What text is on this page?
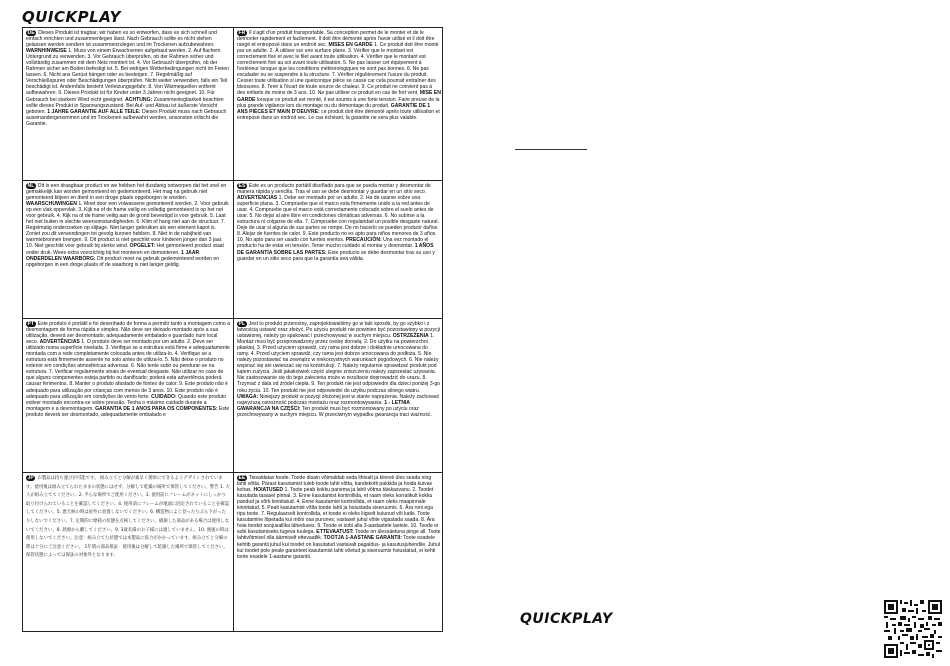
QUICKPLAY
DE Dieses Produkt ist tragbar, wir haben es so entworfen, dass es sich schnell und einfach errichten und zusammenlegen lässt. Nach Gebrauch sollte es nicht stehen gelassen werden sondern ist zusammenzulegen und im Trockenen aufzubewahren. WARNHINWEISE 1. Muss von einem Erwachsenen aufgebaut werden. 2. Auf flachem Untergrund zu verwenden. 3. Vor Gebrauch überprüfen, ob der Rahmen sicher und vollständig zusammen mit dem Netz montiert ist. 4. Vor Gebrauch überprüfen, ob der Rahmen sicher am Boden befestigt ist. 5. Bei widrigen Wetterbedingungen nicht im Freien lassen. 6. Nicht ans Gerüst hängen oder es besteigen. 7. Regelmäßig auf Verschleißspuren oder Beschädigungen überprüfen. Nicht weiter verwenden, falls ein Teil beschädigt ist. Andernfalls besteht Verletzungsgefahr. 8. Von Wärmequellen entfernt aufbewahren. 9. Dieses Produkt ist für Kinder unter 3 Jahren nicht geeignet. 10. Für Gebrauch bei starkem Wind nicht geeignet. ACHTUNG: Zusammenlegbarkeit beachten sollte dieses Produkt in Spannungszustand. Bei Auf- und Abbau ist äußerste Vorsicht geboten. 1 JAHRE GARANTIE AUF ALLE TEILE: Dieses Produkt muss nach Gebrauch auseinandergenommen und im Trockenen aufbewahrt werden, ansonsten erlischt die Garantie.
FR Il s'agit d'un produit transportable. Sa conception permet de le monter et de le démonter rapidement et facilement. Il doit être démonté après l'avoir utilisé et il doit être rangé et entreposé dans un endroit sec. MISES EN GARDE 1. Ce produit doit être monté par un adulte. 2. À utiliser sur une surface plane. 3. Vérifier que le montant est correctement fixé et avec le filet avant toute utilisation. 4. Vérifier que le montant est correctement fixé au sol avant toute utilisation. 5. Ne pas laisser cet équipement à l'extérieur lorsque que les conditions météorologiques ne sont pas bonnes. 6. Ne pas escalader ou se suspendre à la structure. 7. Vérifier régulièrement l'usure du produit. Cesser toute utilisation si une quelconque pièce se casse car cela pourrait entraîner des blessures. 8. Tenir à l'écart de toute source de chaleur. 9. Ce produit ne convient pas à des enfants de moins de 3 ans. 10. Ne pas utiliser ce produit en cas de fort vent. MISE EN GARDE lorsque ce produit est monté, il est soumis à une forte tension. Faire preuve de la plus grande vigilance lors du montage ou du démontage du produit. GARANTIE DE 1 ANS PIÈCES ET MAIN D'OEUVRE: ce produit doit être démonté après toute utilisation et entreposé dans un endroit sec. Le cas échéant, la garantie ne sera plus valable.
NL Dit is een draagbaar product en we hebben het dusdanig ontworpen dat het snel en gemakkelijk kan worden gemonteerd en gedemonteerd. Het mag na gebruik niet gemonteerd blijven en dient in een droge plaats opgeborgen te worden. WAARSCHUWINGEN 1. Moet door een volwassene gemonteerd worden. 2. Voor gebruik op een vlak oppervlak. 3. Kijk na of de frame veilig en volledig gemonteerd is op het net voor gebruik. 4. Kijk na of de frame veilig aan de grond bevestigd is voor gebruik. 5. Laat het niet buiten in slechte weersomstandigheden. 6. Klim of hang niet aan de structuur. 7. Regelmatig onderzoeken op slijtage. Niet langer gebruiken als een element kapot is. Zoniet zou dit verwondingen tot gevolg kunnen hebben. 8. Niet in de nabijheid van warmtebronnen brengen. 9. Dit product is niet geschikt voor kinderen jonger dan 3 jaar. 10. Niet geschikt voor gebruik bij sterke wind. OPGELET: Het gemonteerd product staat onder druk. Wees extra voorzichtig bij het monteren en demonteren. 1 JAAR ONDERDELEN WAARBORG: Dit product moet na gebruik gedemonteerd worden en opgeborgen in een droge plaats of de waarborg is niet langer geldig.
ES Este es un producto portátil diseñado para que se pueda montar y desmontar de manera rápida y sencilla. Tras el uso se debe desmontar y guardar en un sitio seco. ADVERTENCIAS 1. Debe ser montado por un adulto. 2. Ha de usarse sobre una superficie plana. 3. Compruebe que el marco esta firmemente unido a la red antes de usar. 4. Compruebe que el marco está correctamente colocado sobre el suelo antes de usar. 5. No dejar al aire libre en condiciones climáticas adversas. 6. No subirse a la estructura ni colgarse de ella. 7. Compruebe con regularidad un posible desgaste natural. Deje de usar si alguna de sus partes se rompe. De no hacerlo se pueden producir daños. 8. Alejar de fuentes de calor. 9. Este producto no es apto para niños menores de 3 años. 10. No apto para ser usado con fuertes vientos. PRECAUCIÓN: Una vez montado el producto ha de estar en tensión. Tener mucho cuidado al montar y desmontar. 1 AÑOS DE GARANTÍA SOBRE LAS PARTES: Este producto se debe desmontar tras su uso y guardar en un sitio seco para que la garantía sea válida.
PT Este produto é portátil e foi desenhado de forma a permitir tanto a montagem como a desmontagem de forma rápida e simples. Não deve ser deixado montado após a sua utilização, deverá ser desmontado, adequadamente embalado e guardado num local seco. ADVERTÊNCIAS 1. O produto deve ser montado por um adulto. 2. Deve ser utilizado numa superfície nivelada. 3. Verifique se a estrutura está firme e adequadamente montada com a rede completamente colocada antes de utiliza-lo. 4. Verifique se a estrutura está firmemente assente no solo antes de utiliza-lo. 5. Não deixe o produto no exterior em condições atmosféricas adversas. 6. Não tente subir ou pendurar-se na estrutura. 7. Verificar regularmente sinais de eventual desgaste. Não utilizar no caso de que alguns componentes esteja partido ou danificado; poderá esta advertência poderá causar ferimentos. 8. Manter o produto afastado de fontes de calor. 9. Este produto não é adequado para utilização por crianças com menos de 3 anos. 10. Este produto não é adequado para utilização em condições de vento forte. CUIDADO: Quando este produto estiver montado encontra-se sobre pressão. Tenha o máximo cuidado durante a montagem e a desmontagem. GARANTIA DE 1 ANOS PARA OS COMPONENTES: Este produto deverá ser desmontado, adequadamente embalado e
PL Jest to produkt przenośny, zaprojektowaliśmy go w taki sposób, by go szybko i z łatwością ustawić oraz złożyć. Po użyciu produkt nie powinien być pozostawiony w pozycji ustawionej, należy go spakować i przechowywać w suchym miejscu. OSTRZEŻENIA 1. Montaż musi być przeprowadzony przez osobę dorosłą. 2. Do użytku na powierzchni płaskiej. 3. Przed użyciem sprawdź, czy rama jest dobrze i dokładnie umocowana do ramy. 4. Przed użyciem sprawdź, czy rama jest dobrze umocowana do podłoża. 5. Nie należy pozostawiać na zewnątrz w niekorzystnych warunkach pogodowych. 6. Nie należy wspinać się ani uwieszać się na konstrukcji. 7. Należy regularnie sprawdzać produkt pod kątem zużycia. Jeśli jakakolwiek część ulegnie zniszczeniu należy zaprzestać używania. Nie zastosowanie się do tego zalecenia może w rezultacie doprowadzić do urazu. 8. Trzymać z dala od źródeł ciepła. 9. Ten produkt nie jest odpowiedni dla dzieci poniżej 3-go roku życia. 10. Ten produkt nie jest odpowiedni do użytku podczas silnego wiatru. UWAGA: Niniejszy produkt w pozycji złożonej jest w stanie naprężenia. Należy zachować najwyższą ostrożność podczas montażu oraz rozmontowywania. 1 - LETNIA GWARANCJA NA CZĘŚCI: Ten produkt musi być rozmontowany po użyciu oraz przechowywany w suchym miejscu. W przeciwnym wypadku gwarancja traci ważność.
JP お製品は持ち運びが可能です。 組み立てと分解が素早く簡単にできるようデザインされています。使用後は組み立てられたままの状態にはせず、分解して乾燥の場所で保管してください。警告 1. 大人が組み立ててください。2. 平らな場所でご使用ください。3. 使用前にフレームがネットにしっかり取り付けられていることを確認してください。4. 使用前にフレームが地面に固定されていることを確認してください。5. 悪天候の時は屋外に放置しないでください。6. 構造物によじ登ったりぶら下がったりしないでください。7. 定期的に摩耗の状態を点検してください。破損した部品がある場合は使用しないでください。8. 熱源から離してください。9. 3歳未満のお子様には適していません。10. 強風の時は使用しないでください。注意：組み立てた状態では本製品に張力がかかっています。組み立てと分解の際は十分にご注意ください。 1年間の部品保証：使用後は分解して乾燥した場所で保管してください。保管状態によっては保証の対象外となります。
EE Teisaldatav toode. Toode disain võimaldab seda lihtsalt ja kiiresti üles seada ning lahti võtta. Pärast kasutamist tuleb toode lahti võtta, kandekotti pakkida ja hoida kuivas kohas. HOIATUSED 1. Toote peab kokku panema ja lahti võtma täiskasvanu. 2. Toodet kasutada tasasel pinnal. 3. Enne kasutamist kontrollida, et raam oleks korralikult kokku pandud ja võrk kinnitatud. 4. Enne kasutamist kontrollida, et raam oleks maapinnale kinnitatud. 5. Pealt kasutamist võtta toode lahti ja hoiustada siseruumis. 6. Ära roni ega ripu toote. 7. Regulaarselt kontrollida, et toode ei oleks liigselt kulunud või katki. Toote kasutamine lõpetada kui mõni osa purunes; vastasel juhul võite vigastada saada. 8. Ära hoia toodet soojusallika läheduses. 9. Toode ei sobi alla 3-aastastele lastele. 10. Toode ei sobi kasutamiseks tugeva tuulega. ETTEVAATUST: Toode on ülessäetuna pinge all. Toote lahtivõtmisel olla äärmiselt ettevaatlik. TOOTJA 1-AASTANE GARANTII: Toote esadele kehtib garantii juhul kui toodet on kasutatud vastavalt pagaldus- ja kasutusjuhendile. Juhul kui toodet pole peale garanteet kasutamist lahti võetud ja siseruumis hoiustatud, ei kehti toote esadele 1-aastane garantii.
QUICKPLAY
